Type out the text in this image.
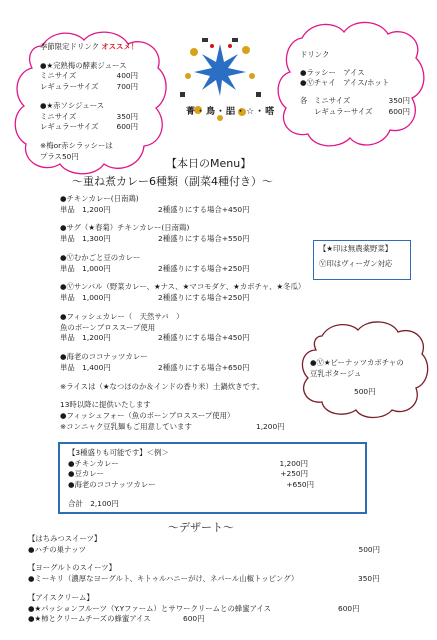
季節限定ドリンク オススメ！
●★完熟梅の酵素ジュース
ミニサイズ	400円
レギュラーサイズ 700円
●★赤ソシジュース
ミニサイズ	350円
レギュラーサイズ 600円
※梅or赤シラッシーは
プラス50円
菁・鳥・㗊・☆・嗒
ドリンク
●ラッシー　アイス
●Ⓥチャイ　アイス/ホット
各 ミニサイズ	350円
レギュラーサイズ	600円
【本日のMenu】
～重ね煮カレー6種類（副菜4種付き）～
●チキンカレー(日南鶏)
単品　1,200円	2種盛りにする場合+450円
●サグ（★春菊）チキンカレー(日南鶏)
単品　1,300円	2種盛りにする場合+550円
●Ⓥむかごと豆のカレー
単品　1,000円	2種盛りにする場合+250円
●Ⓥサンバル（野菜カレー、★ナス、★マコモダケ、★カボチャ、★冬瓜）
単品　1,000円	2種盛りにする場合+250円
●フィッシュカレー（　天然サバ　）
魚のボーンブロススープ使用
単品　1,200円	2種盛りにする場合+450円
●海老のココナッツカレー
単品　1,400円	2種盛りにする場合+650円
※ライスは（★なつほのか＆インドの香り米）土鍋炊きです。
13時以降に提供いたします
●フィッシュフォー（魚のボーンブロススープ使用）
※コンニャク豆乳麺もご用意しています	1,200円
【★印は無農薬野菜】
Ⓥ印はヴィーガン対応
●Ⓥ★ビーナッツカボチャの
豆乳ポタージュ
500円
【3種盛りも可能です】＜例＞
●チキンカレー	1,200円
●豆カレー	+250円
●海老のココナッツカレー	+650円
合計　 2,100円
～デザート～
【はちみつスイーツ】
●ハチの巣ナッツ	500円
【ヨーグルトのスイーツ】
●ミーキリ（濃厚なヨーグルト、キトゥルハニーがけ、ネパール山椒トッピング）	350円
【アイスクリーム】
●★パッションフルーツ（Y.Yファーム）とサワークリームとの蜂蜜アイス	600円
●★柿とクリームチーズの蜂蜜アイス	600円
